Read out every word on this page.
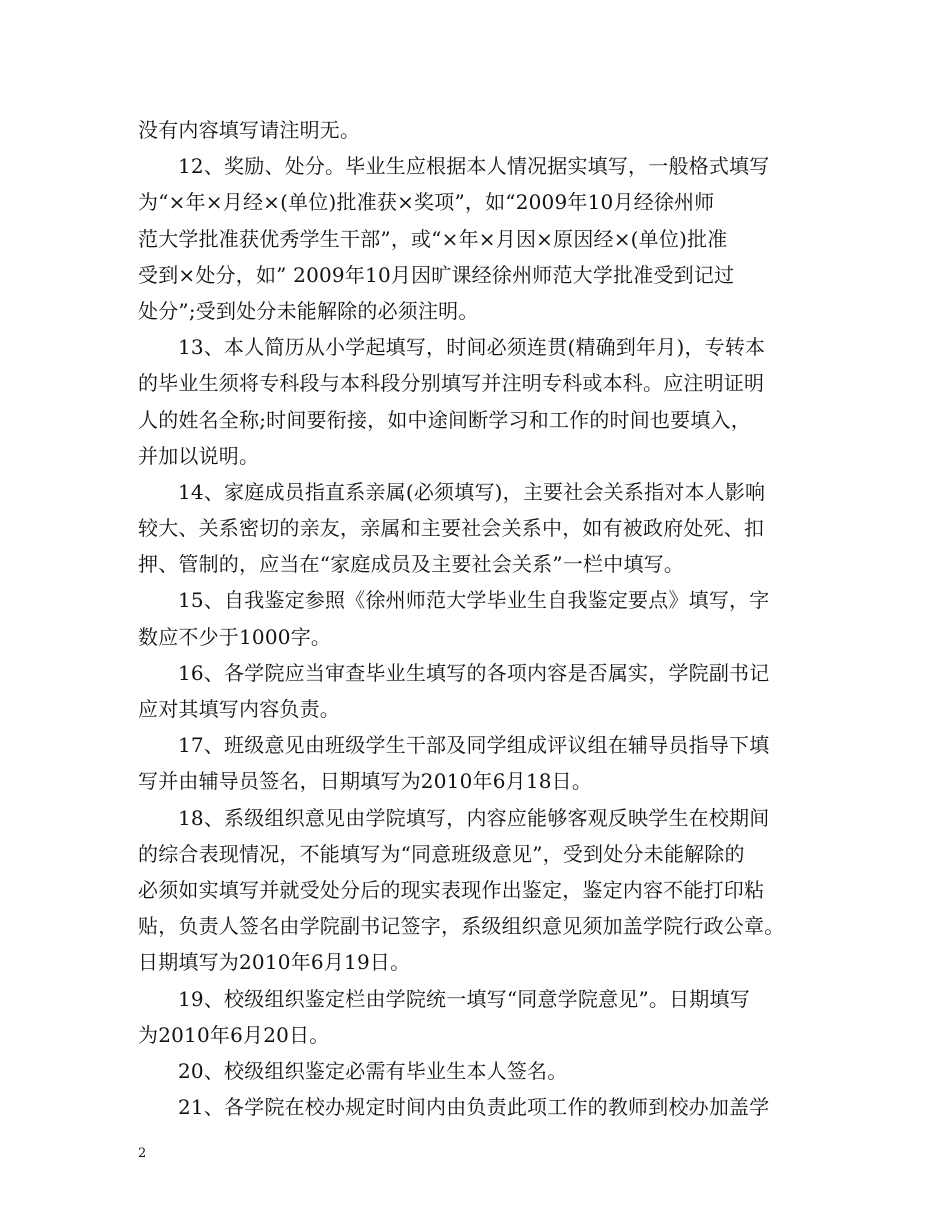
没有内容填写请注明无。
12、奖励、处分。毕业生应根据本人情况据实填写，一般格式填写
为“×年×月经×(单位)批准获×奖项”，如“2009年10月经徐州师
范大学批准获优秀学生干部”，或“×年×月因×原因经×(单位)批准
受到×处分，如” 2009年10月因旷课经徐州师范大学批准受到记过
处分”;受到处分未能解除的必须注明。
13、本人简历从小学起填写，时间必须连贯(精确到年月)，专转本
的毕业生须将专科段与本科段分别填写并注明专科或本科。应注明证明
人的姓名全称;时间要衔接，如中途间断学习和工作的时间也要填入，
并加以说明。
14、家庭成员指直系亲属(必须填写)，主要社会关系指对本人影响
较大、关系密切的亲友，亲属和主要社会关系中，如有被政府处死、扣
押、管制的，应当在“家庭成员及主要社会关系”一栏中填写。
15、自我鉴定参照《徐州师范大学毕业生自我鉴定要点》填写，字
数应不少于1000字。
16、各学院应当审查毕业生填写的各项内容是否属实，学院副书记
应对其填写内容负责。
17、班级意见由班级学生干部及同学组成评议组在辅导员指导下填
写并由辅导员签名，日期填写为2010年6月18日。
18、系级组织意见由学院填写，内容应能够客观反映学生在校期间
的综合表现情况，不能填写为“同意班级意见”，受到处分未能解除的
必须如实填写并就受处分后的现实表现作出鉴定，鉴定内容不能打印粘
贴，负责人签名由学院副书记签字，系级组织意见须加盖学院行政公章。
日期填写为2010年6月19日。
19、校级组织鉴定栏由学院统一填写“同意学院意见”。日期填写
为2010年6月20日。
20、校级组织鉴定必需有毕业生本人签名。
21、各学院在校办规定时间内由负责此项工作的教师到校办加盖学
2
